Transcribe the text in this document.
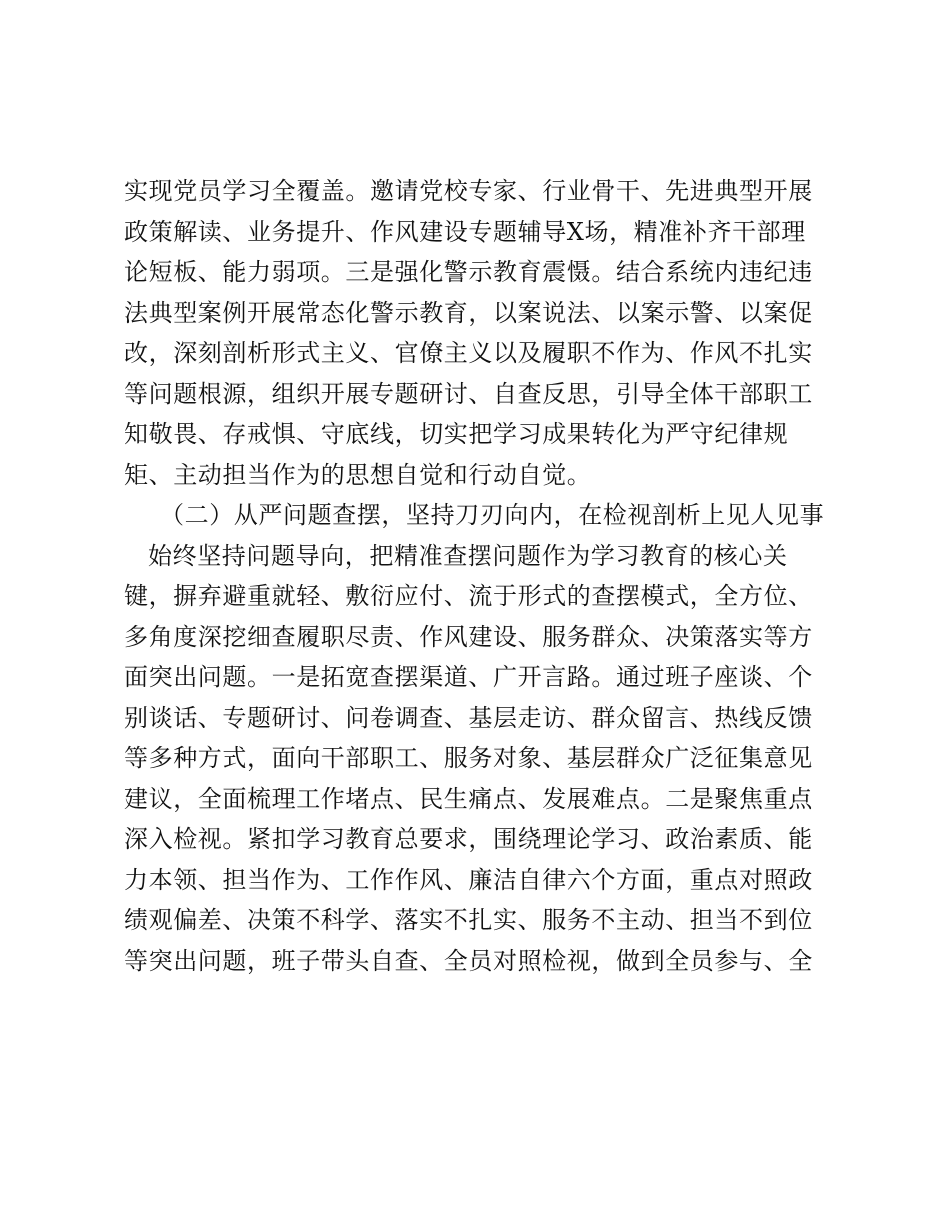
实现党员学习全覆盖。邀请党校专家、行业骨干、先进典型开展
政策解读、业务提升、作风建设专题辅导X场，精准补齐干部理
论短板、能力弱项。三是强化警示教育震慑。结合系统内违纪违
法典型案例开展常态化警示教育，以案说法、以案示警、以案促
改，深刻剖析形式主义、官僚主义以及履职不作为、作风不扎实
等问题根源，组织开展专题研讨、自查反思，引导全体干部职工
知敬畏、存戒惧、守底线，切实把学习成果转化为严守纪律规
矩、主动担当作为的思想自觉和行动自觉。
（二）从严问题查摆，坚持刀刃向内，在检视剖析上见人见事
始终坚持问题导向，把精准查摆问题作为学习教育的核心关
键，摒弃避重就轻、敷衍应付、流于形式的查摆模式，全方位、
多角度深挖细查履职尽责、作风建设、服务群众、决策落实等方
面突出问题。一是拓宽查摆渠道、广开言路。通过班子座谈、个
别谈话、专题研讨、问卷调查、基层走访、群众留言、热线反馈
等多种方式，面向干部职工、服务对象、基层群众广泛征集意见
建议，全面梳理工作堵点、民生痛点、发展难点。二是聚焦重点
深入检视。紧扣学习教育总要求，围绕理论学习、政治素质、能
力本领、担当作为、工作作风、廉洁自律六个方面，重点对照政
绩观偏差、决策不科学、落实不扎实、服务不主动、担当不到位
等突出问题，班子带头自查、全员对照检视，做到全员参与、全
